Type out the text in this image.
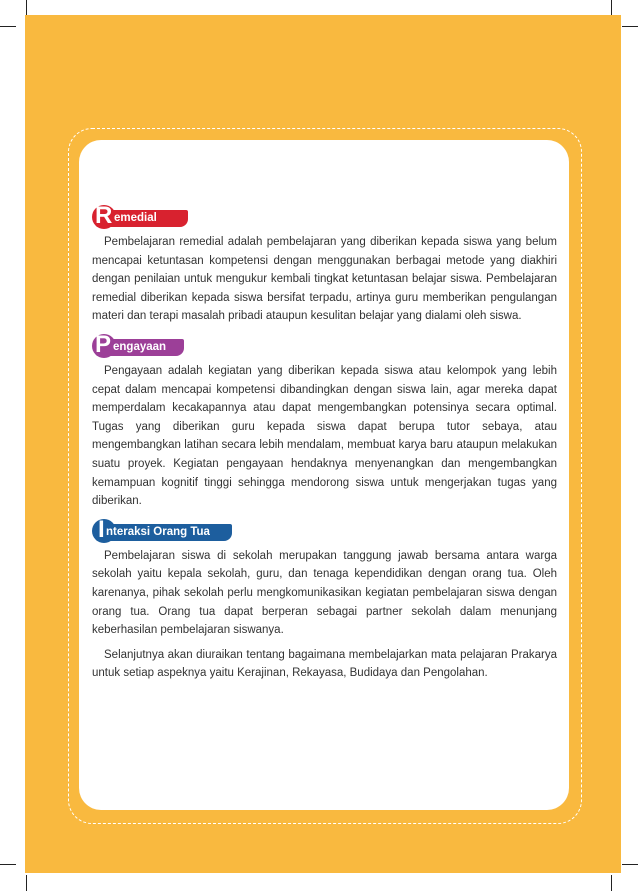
R emedial

Pembelajaran remedial adalah pembelajaran yang diberikan kepada siswa yang belum mencapai ketuntasan kompetensi dengan menggunakan berbagai metode yang diakhiri dengan penilaian untuk mengukur kembali tingkat ketuntasan belajar siswa. Pembelajaran remedial diberikan kepada siswa bersifat terpadu, artinya guru memberikan pengulangan materi dan terapi masalah pribadi ataupun kesulitan belajar yang dialami oleh siswa.

P engayaan

Pengayaan adalah kegiatan yang diberikan kepada siswa atau kelompok yang lebih cepat dalam mencapai kompetensi dibandingkan dengan siswa lain, agar mereka dapat memperdalam kecakapannya atau dapat mengembangkan potensinya secara optimal. Tugas yang diberikan guru kepada siswa dapat berupa tutor sebaya, atau mengembangkan latihan secara lebih mendalam, membuat karya baru ataupun melakukan suatu proyek. Kegiatan pengayaan hendaknya menyenangkan dan mengembangkan kemampuan kognitif tinggi sehingga mendorong siswa untuk mengerjakan tugas yang diberikan.

I nteraksi Orang Tua

Pembelajaran siswa di sekolah merupakan tanggung jawab bersama antara warga sekolah yaitu kepala sekolah, guru, dan tenaga kependidikan dengan orang tua. Oleh karenanya, pihak sekolah perlu mengkomunikasikan kegiatan pembelajaran siswa dengan orang tua. Orang tua dapat berperan sebagai partner sekolah dalam menunjang keberhasilan pembelajaran siswanya.

Selanjutnya akan diuraikan tentang bagaimana membelajarkan mata pelajaran Prakarya untuk setiap aspeknya yaitu Kerajinan, Rekayasa, Budidaya dan Pengolahan.
